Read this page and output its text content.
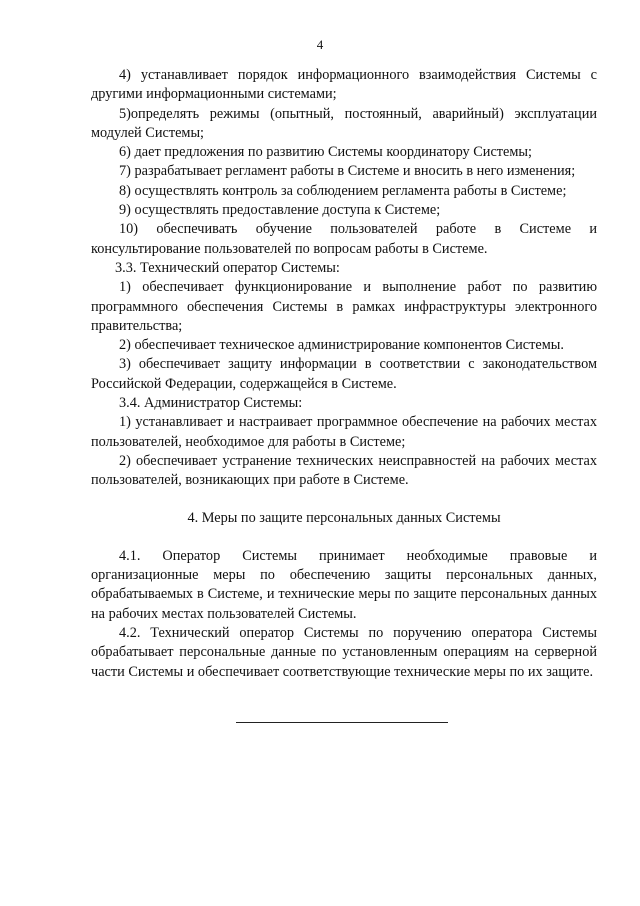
4

4) устанавливает порядок информационного взаимодействия Системы с другими информационными системами;

5)определять режимы (опытный, постоянный, аварийный) эксплуатации модулей Системы;

6) дает предложения по развитию Системы координатору Системы;

7) разрабатывает регламент работы в Системе и вносить в него изменения;

8) осуществлять контроль за соблюдением регламента работы в Системе;

9) осуществлять предоставление доступа к Системе;

10) обеспечивать обучение пользователей работе в Системе и консультирование пользователей по вопросам работы в Системе.

3.3. Технический оператор Системы:

1) обеспечивает функционирование и выполнение работ по развитию программного обеспечения Системы в рамках инфраструктуры электронного правительства;

2) обеспечивает техническое администрирование компонентов Системы.

3) обеспечивает защиту информации в соответствии с законодательством Российской Федерации, содержащейся в Системе.

3.4. Администратор Системы:

1) устанавливает и настраивает программное обеспечение на рабочих местах пользователей, необходимое для работы в Системе;

2) обеспечивает устранение технических неисправностей на рабочих местах пользователей, возникающих при работе в Системе.

4. Меры по защите персональных данных Системы

4.1. Оператор Системы принимает необходимые правовые и организационные меры по обеспечению защиты персональных данных, обрабатываемых в Системе, и технические меры по защите персональных данных на рабочих местах пользователей Системы.

4.2. Технический оператор Системы по поручению оператора Системы обрабатывает персональные данные по установленным операциям на серверной части Системы и обеспечивает соответствующие технические меры по их защите.
